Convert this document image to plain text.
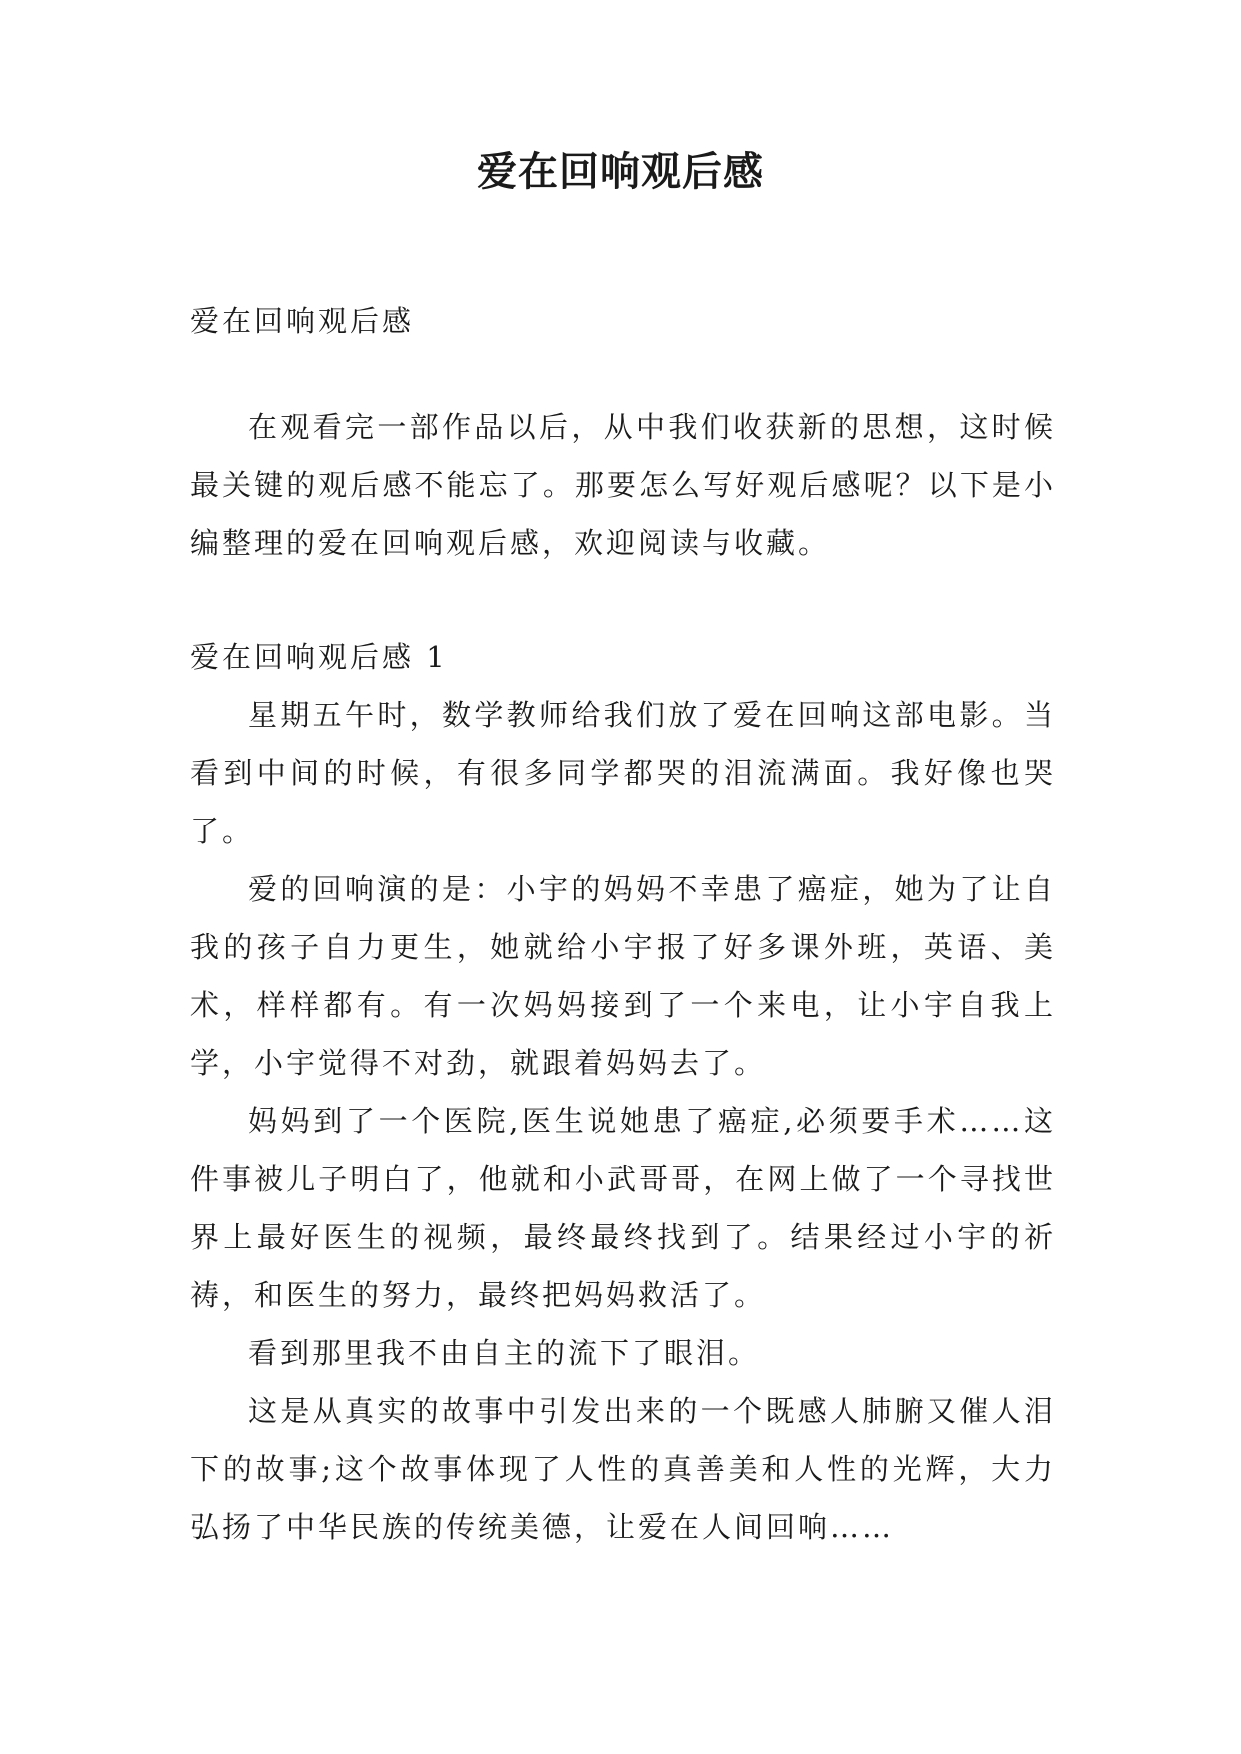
爱在回响观后感

爱在回响观后感

在观看完一部作品以后，从中我们收获新的思想，这时候最关键的观后感不能忘了。那要怎么写好观后感呢？以下是小编整理的爱在回响观后感，欢迎阅读与收藏。

爱在回响观后感 1

星期五午时，数学教师给我们放了爱在回响这部电影。当看到中间的时候，有很多同学都哭的泪流满面。我好像也哭了。

爱的回响演的是：小宇的妈妈不幸患了癌症，她为了让自我的孩子自力更生，她就给小宇报了好多课外班，英语、美术，样样都有。有一次妈妈接到了一个来电，让小宇自我上学，小宇觉得不对劲，就跟着妈妈去了。

妈妈到了一个医院,医生说她患了癌症,必须要手术……这件事被儿子明白了，他就和小武哥哥，在网上做了一个寻找世界上最好医生的视频，最终最终找到了。结果经过小宇的祈祷，和医生的努力，最终把妈妈救活了。

看到那里我不由自主的流下了眼泪。

这是从真实的故事中引发出来的一个既感人肺腑又催人泪下的故事;这个故事体现了人性的真善美和人性的光辉，大力弘扬了中华民族的传统美德，让爱在人间回响……
